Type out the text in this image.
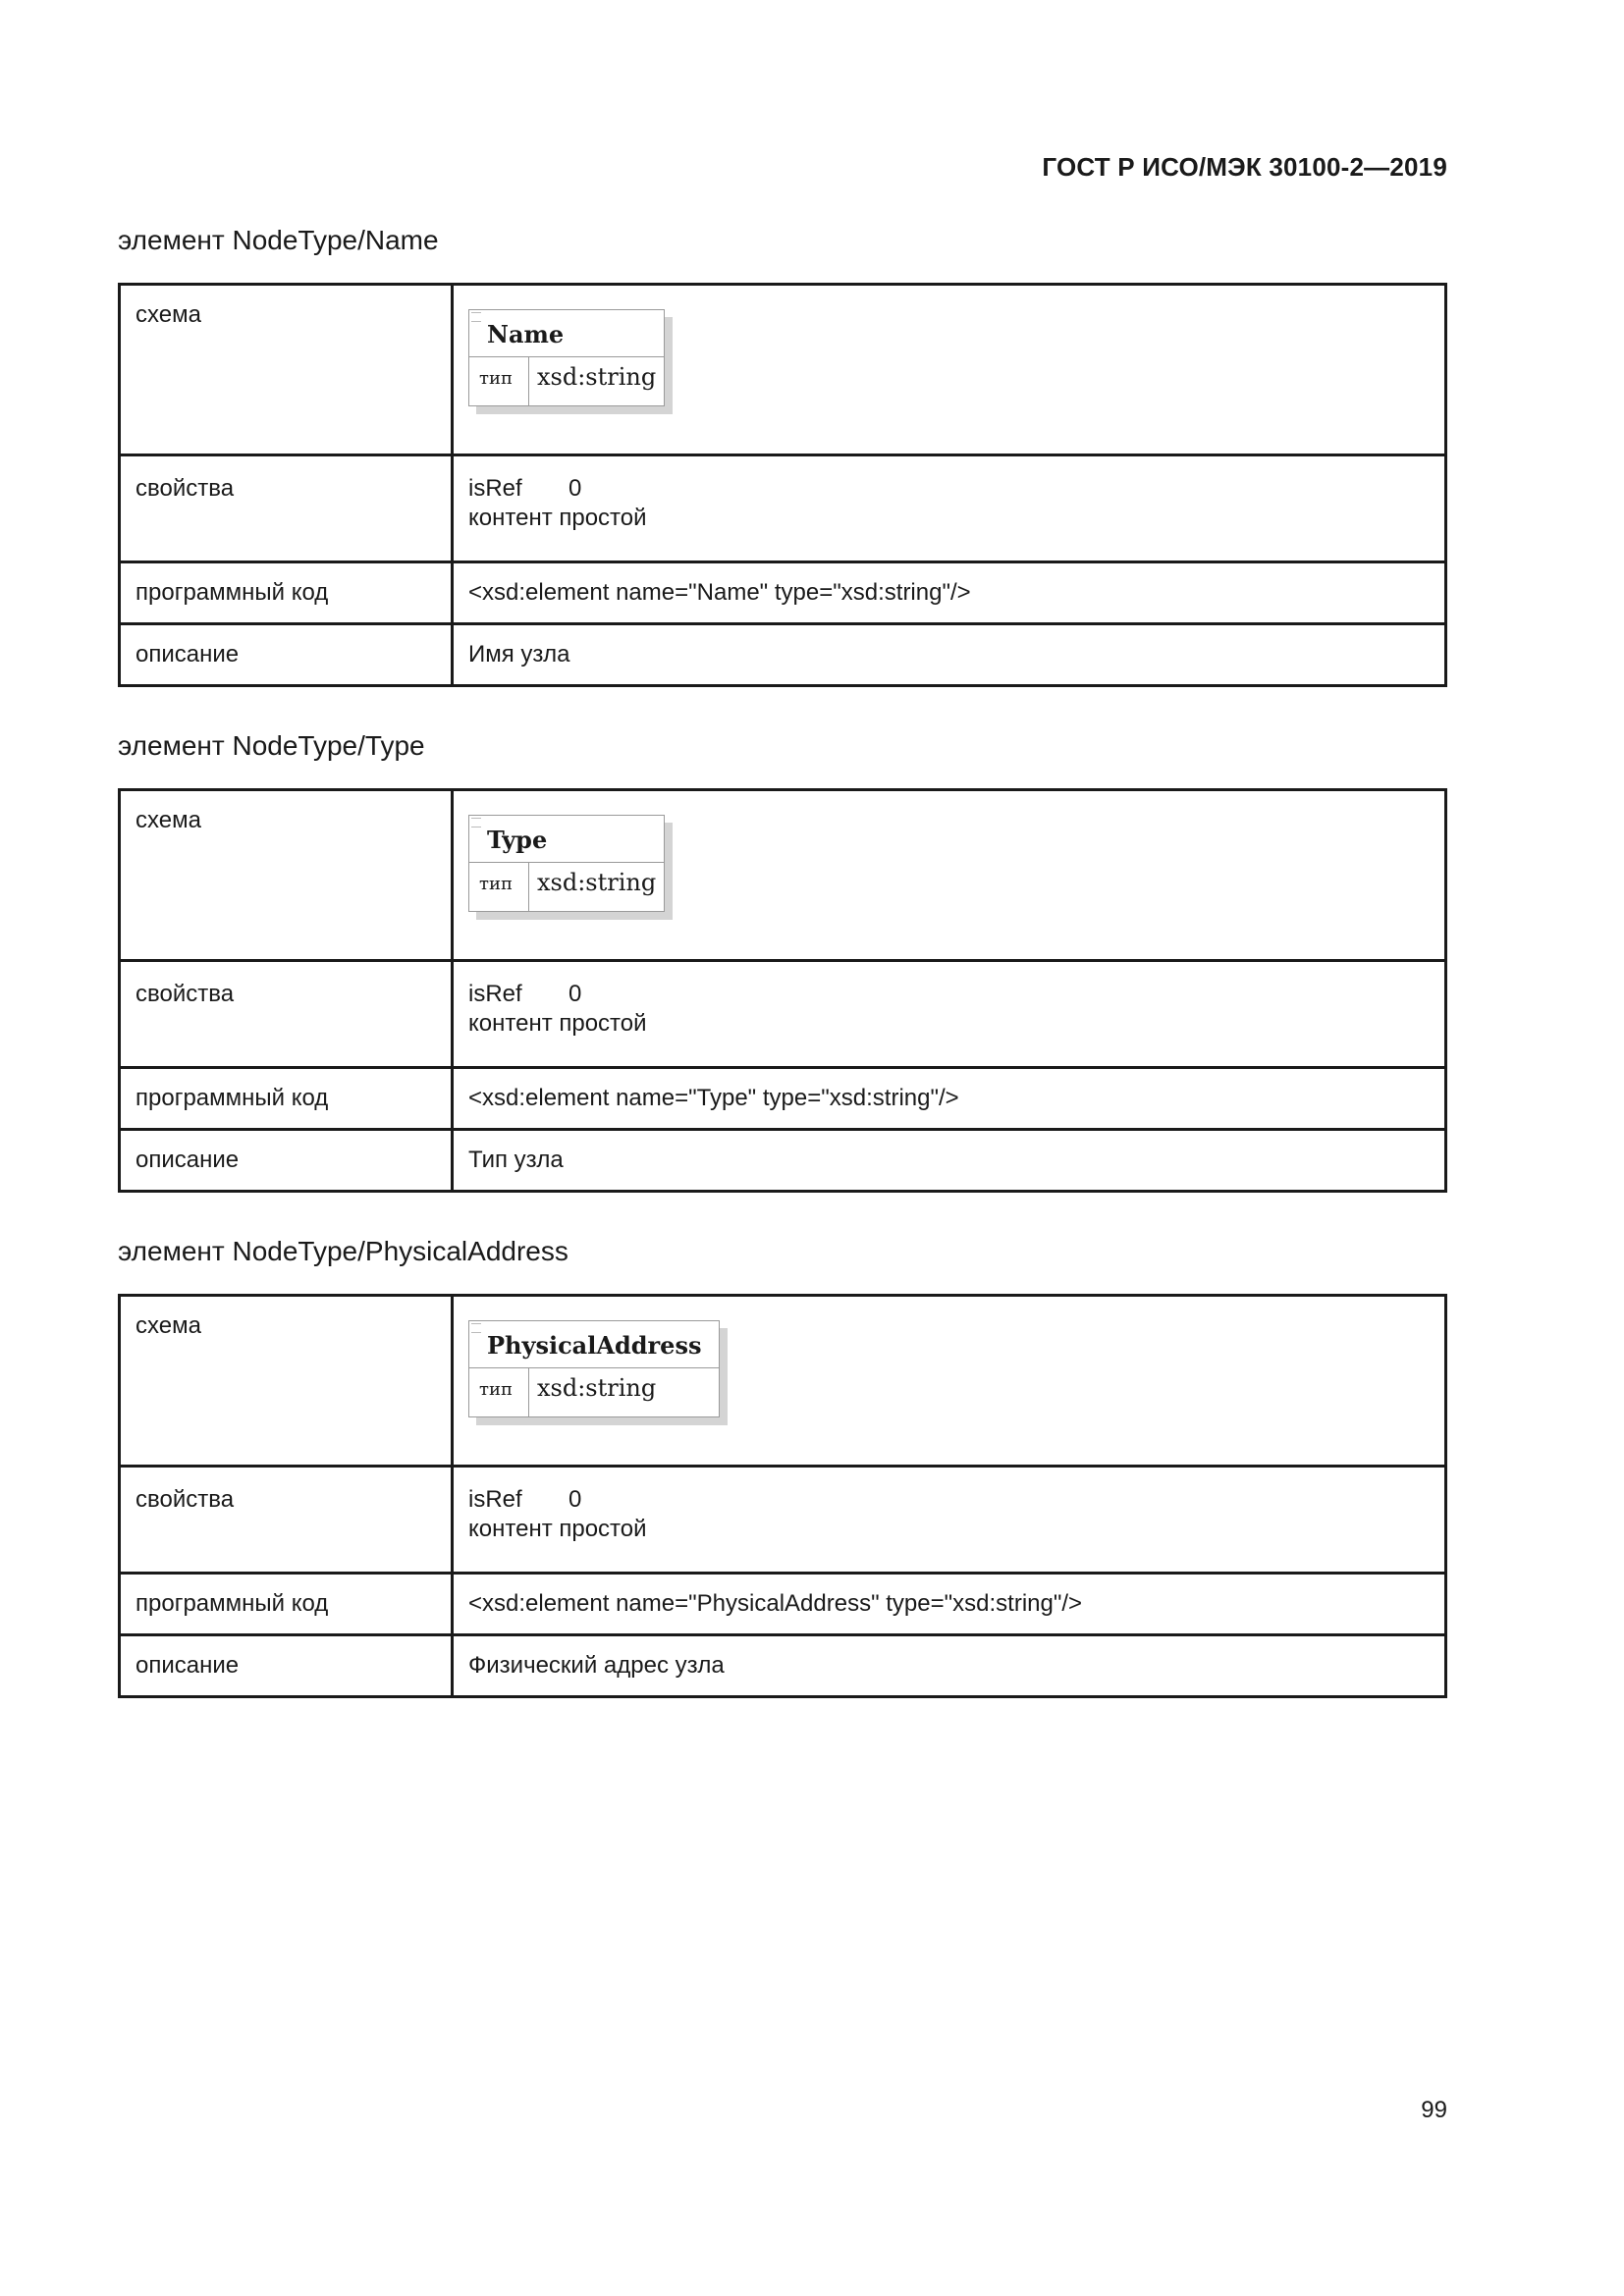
ГОСТ Р ИСО/МЭК 30100-2—2019
элемент NodeType/Name
схема	Name
тип xsd:string

свойства	isRef 0
контент простой

программный код	<xsd:element name="Name" type="xsd:string"/>
описание	Имя узла
элемент NodeType/Type
схема	Type
тип xsd:string

свойства	isRef 0
контент простой

программный код	<xsd:element name="Type" type="xsd:string"/>
описание	Тип узла
элемент NodeType/PhysicalAddress
схема	PhysicalAddress
тип xsd:string

свойства	isRef 0
контент простой

программный код	<xsd:element name="PhysicalAddress" type="xsd:string"/>
описание	Физический адрес узла
99
